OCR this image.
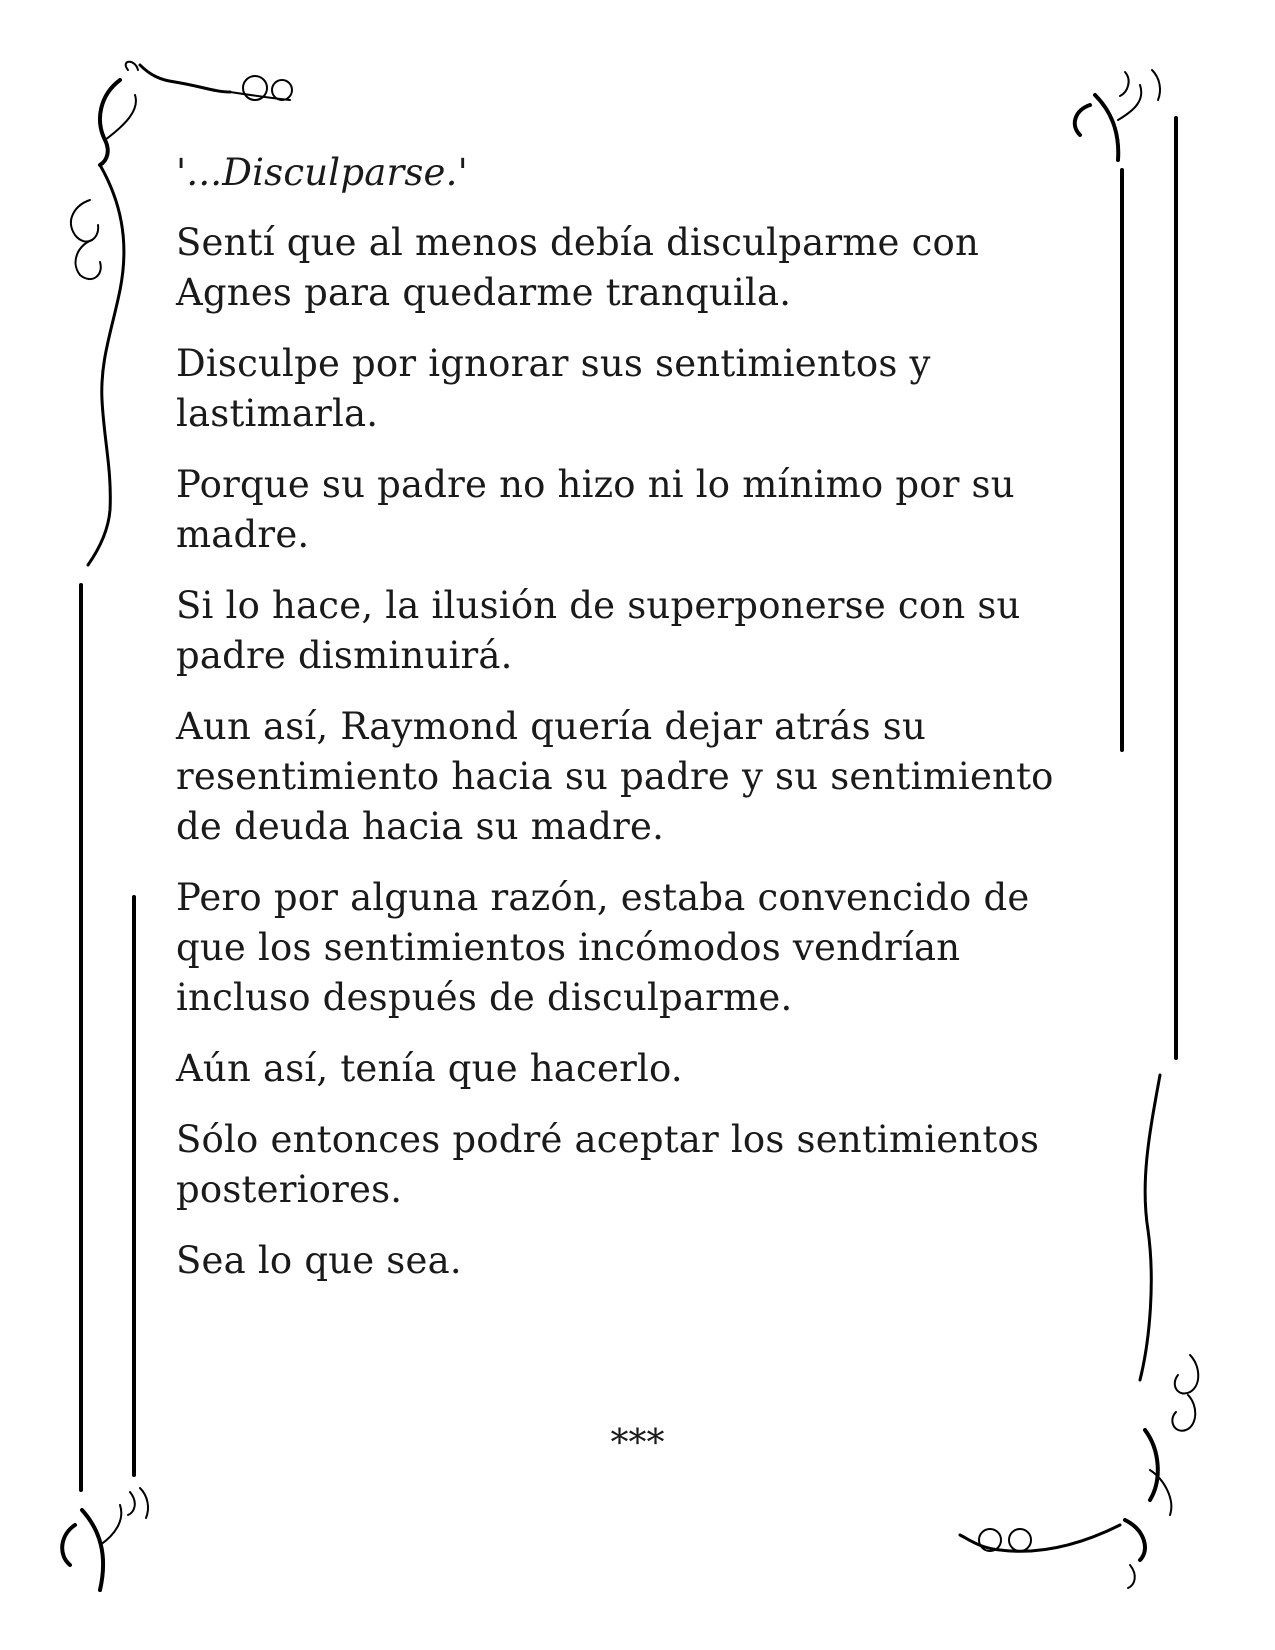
'...Disculparse.'

Sentí que al menos debía disculparme con Agnes para quedarme tranquila.

Disculpe por ignorar sus sentimientos y lastimarla.

Porque su padre no hizo ni lo mínimo por su madre.

Si lo hace, la ilusión de superponerse con su padre disminuirá.

Aun así, Raymond quería dejar atrás su resentimiento hacia su padre y su sentimiento de deuda hacia su madre.

Pero por alguna razón, estaba convencido de que los sentimientos incómodos vendrían incluso después de disculparme.

Aún así, tenía que hacerlo.

Sólo entonces podré aceptar los sentimientos posteriores.

Sea lo que sea.

***
